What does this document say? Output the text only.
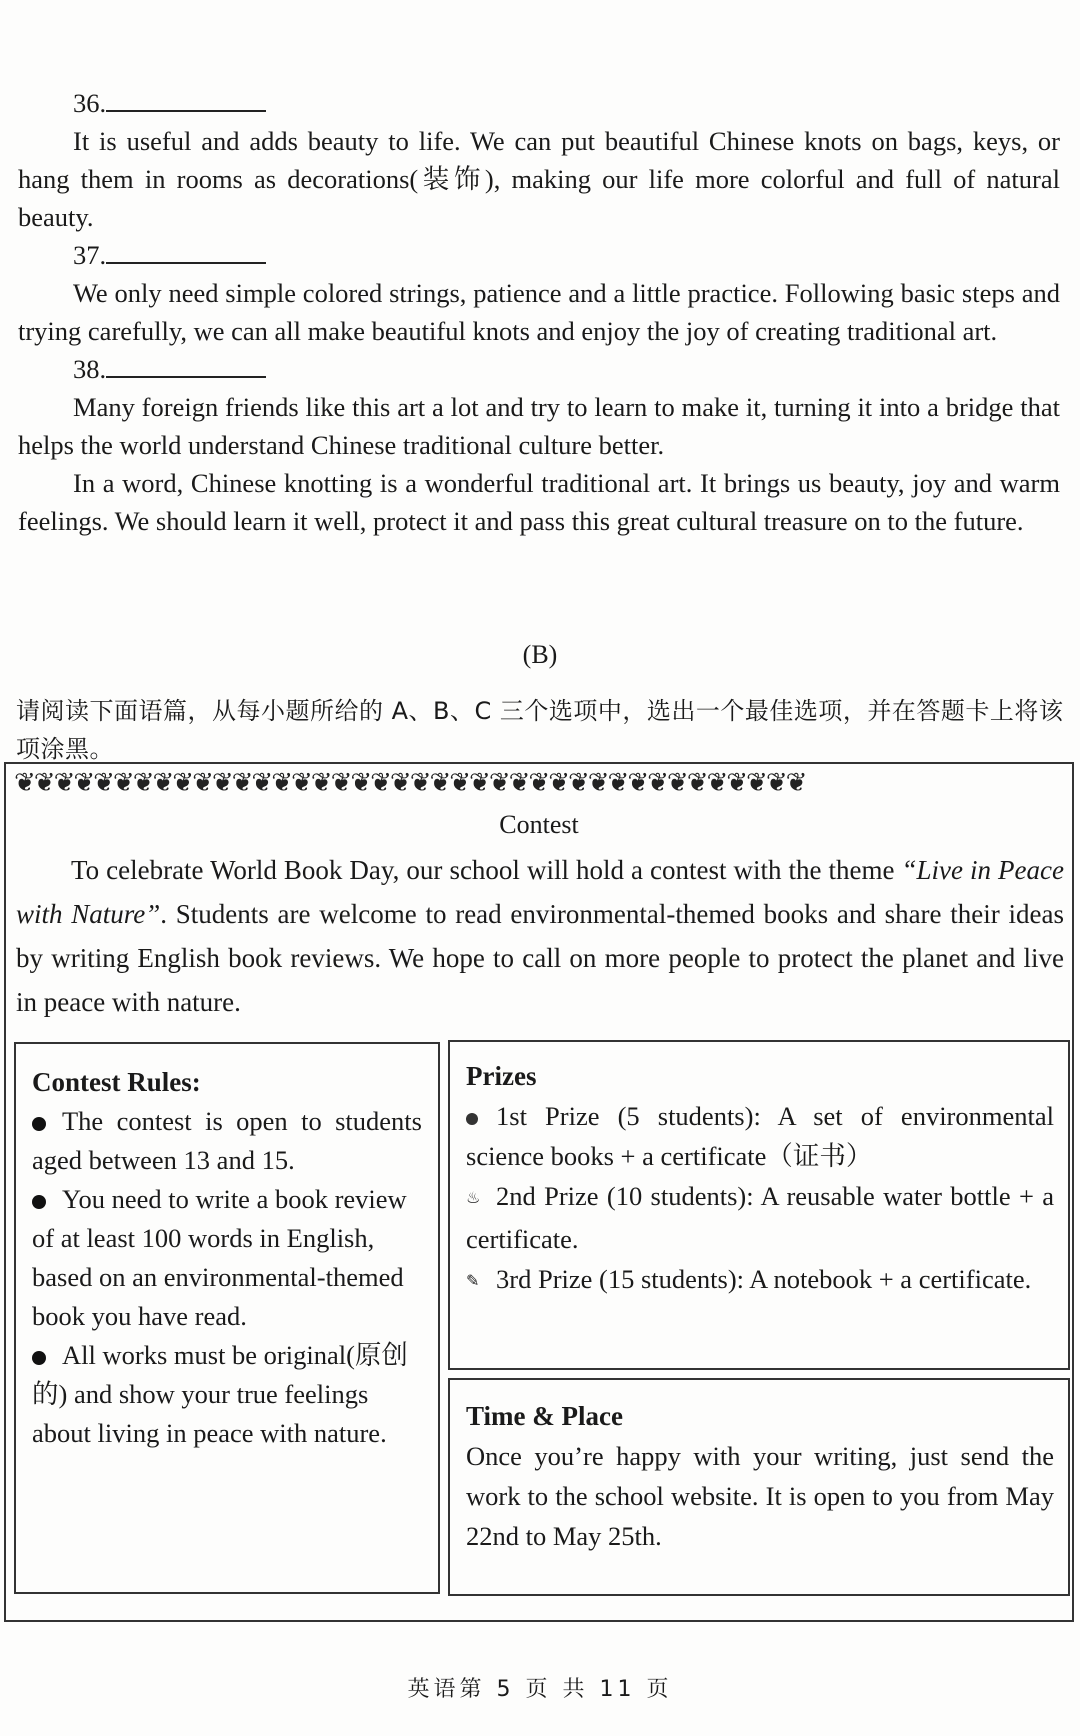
36.

It is useful and adds beauty to life. We can put beautiful Chinese knots on bags, keys, or hang them in rooms as decorations(装饰), making our life more colorful and full of natural beauty.

37.

We only need simple colored strings, patience and a little practice. Following basic steps and trying carefully, we can all make beautiful knots and enjoy the joy of creating traditional art.

38.

Many foreign friends like this art a lot and try to learn to make it, turning it into a bridge that helps the world understand Chinese traditional culture better.

In a word, Chinese knotting is a wonderful traditional art. It brings us beauty, joy and warm feelings. We should learn it well, protect it and pass this great cultural treasure on to the future.

(B)
请阅读下面语篇，从每小题所给的 A、B、C 三个选项中，选出一个最佳选项，并在答题卡上将该项涂黑。
❦❦❦❦❦❦❦❦❦❦❦❦❦❦❦❦❦❦❦❦❦❦❦❦❦❦❦❦❦❦❦❦❦❦❦❦❦❦❦❦
Contest

To celebrate World Book Day, our school will hold a contest with the theme “Live in Peace with Nature”. Students are welcome to read environmental-themed books and share their ideas by writing English book reviews. We hope to call on more people to protect the planet and live in peace with nature.

Contest Rules:

The contest is open to students aged between 13 and 15.

You need to write a book review of at least 100 words in English, based on an environmental-themed book you have read.

All works must be original(原创的) and show your true feelings about living in peace with nature.

Prizes

1st Prize (5 students): A set of environmental science books + a certificate（证书）

♨ 2nd Prize (10 students): A reusable water bottle + a certificate.

✎ 3rd Prize (15 students): A notebook + a certificate.

Time & Place

Once you’re happy with your writing, just send the work to the school website. It is open to you from May 22nd to May 25th.

英语第 5 页 共 11 页
